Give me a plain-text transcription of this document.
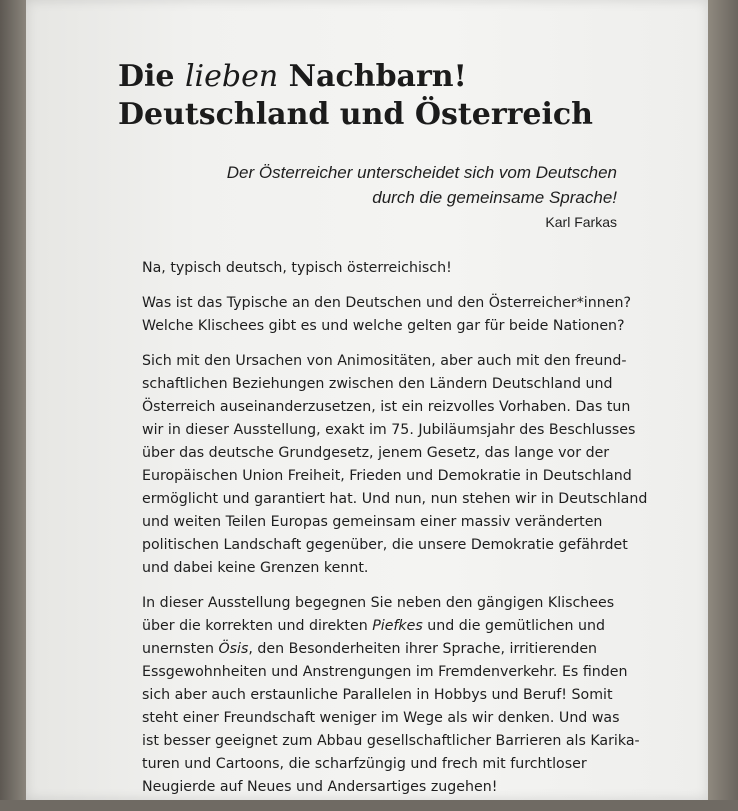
Die lieben Nachbarn!
Deutschland und Österreich
Der Österreicher unterscheidet sich vom Deutschen
durch die gemeinsame Sprache!
Karl Farkas

Na, typisch deutsch, typisch österreichisch!

Was ist das Typische an den Deutschen und den Österreicher*innen?
Welche Klischees gibt es und welche gelten gar für beide Nationen?

Sich mit den Ursachen von Animositäten, aber auch mit den freund-
schaftlichen Beziehungen zwischen den Ländern Deutschland und
Österreich auseinanderzusetzen, ist ein reizvolles Vorhaben. Das tun
wir in dieser Ausstellung, exakt im 75. Jubiläumsjahr des Beschlusses
über das deutsche Grundgesetz, jenem Gesetz, das lange vor der
Europäischen Union Freiheit, Frieden und Demokratie in Deutschland
ermöglicht und garantiert hat. Und nun, nun stehen wir in Deutschland
und weiten Teilen Europas gemeinsam einer massiv veränderten
politischen Landschaft gegenüber, die unsere Demokratie gefährdet
und dabei keine Grenzen kennt.

In dieser Ausstellung begegnen Sie neben den gängigen Klischees
über die korrekten und direkten Piefkes und die gemütlichen und
unernsten Ösis, den Besonderheiten ihrer Sprache, irritierenden
Essgewohnheiten und Anstrengungen im Fremdenverkehr. Es finden
sich aber auch erstaunliche Parallelen in Hobbys und Beruf! Somit
steht einer Freundschaft weniger im Wege als wir denken. Und was
ist besser geeignet zum Abbau gesellschaftlicher Barrieren als Karika-
turen und Cartoons, die scharfzüngig und frech mit furchtloser
Neugierde auf Neues und Andersartiges zugehen!
